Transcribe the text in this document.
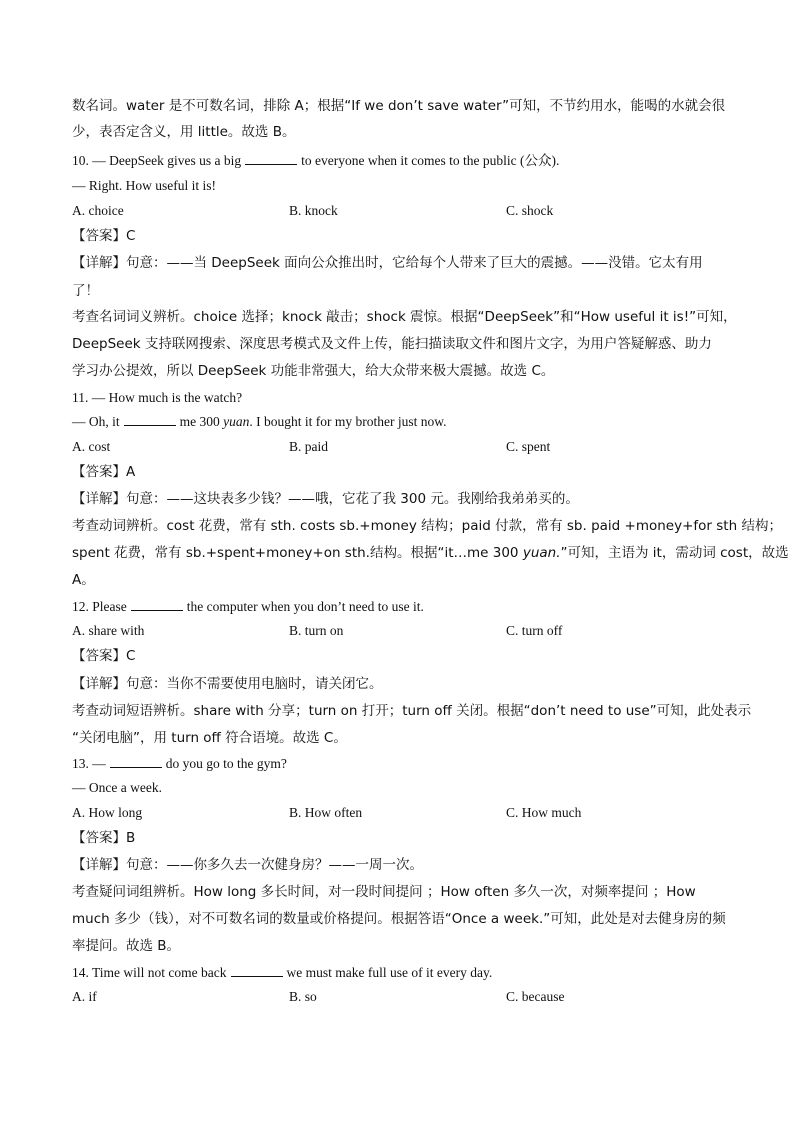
数名词。water 是不可数名词，排除 A；根据“If we don’t save water”可知，不节约用水，能喝的水就会很
少，表否定含义，用 little。故选 B。
10. — DeepSeek gives us a big	to everyone when it comes to the public (公众).
— Right. How useful it is!
A. choice	B. knock	C. shock
【答案】C
【详解】句意：——当 DeepSeek 面向公众推出时，它给每个人带来了巨大的震撼。——没错。它太有用
了！
考查名词词义辨析。choice 选择；knock 敲击；shock 震惊。根据“DeepSeek”和“How useful it is!”可知，
DeepSeek 支持联网搜索、深度思考模式及文件上传，能扫描读取文件和图片文字，为用户答疑解惑、助力
学习办公提效，所以 DeepSeek 功能非常强大，给大众带来极大震撼。故选 C。
11. — How much is the watch?
— Oh, it	me 300 yuan. I bought it for my brother just now.
A. cost	B. paid	C. spent
【答案】A
【详解】句意：——这块表多少钱？——哦，它花了我 300 元。我刚给我弟弟买的。
考查动词辨析。cost 花费，常有 sth. costs sb.+money 结构；paid 付款，常有 sb. paid +money+for sth 结构；
spent 花费，常有 sb.+spent+money+on sth.结构。根据“it…me 300 yuan.”可知，主语为 it，需动词 cost，故选
A。
12. Please	the computer when you don’t need to use it.
A. share with	B. turn on	C. turn off
【答案】C
【详解】句意：当你不需要使用电脑时，请关闭它。
考查动词短语辨析。share with 分享；turn on 打开；turn off 关闭。根据“don’t need to use”可知，此处表示
“关闭电脑”，用 turn off 符合语境。故选 C。
13. —	do you go to the gym?
— Once a week.
A. How long	B. How often	C. How much
【答案】B
【详解】句意：——你多久去一次健身房？——一周一次。
考查疑问词组辨析。How long 多长时间，对一段时间提问 ；How often 多久一次，对频率提问 ；How
much 多少（钱），对不可数名词的数量或价格提问。根据答语“Once a week.”可知，此处是对去健身房的频
率提问。故选 B。
14. Time will not come back	we must make full use of it every day.
A. if	B. so	C. because
